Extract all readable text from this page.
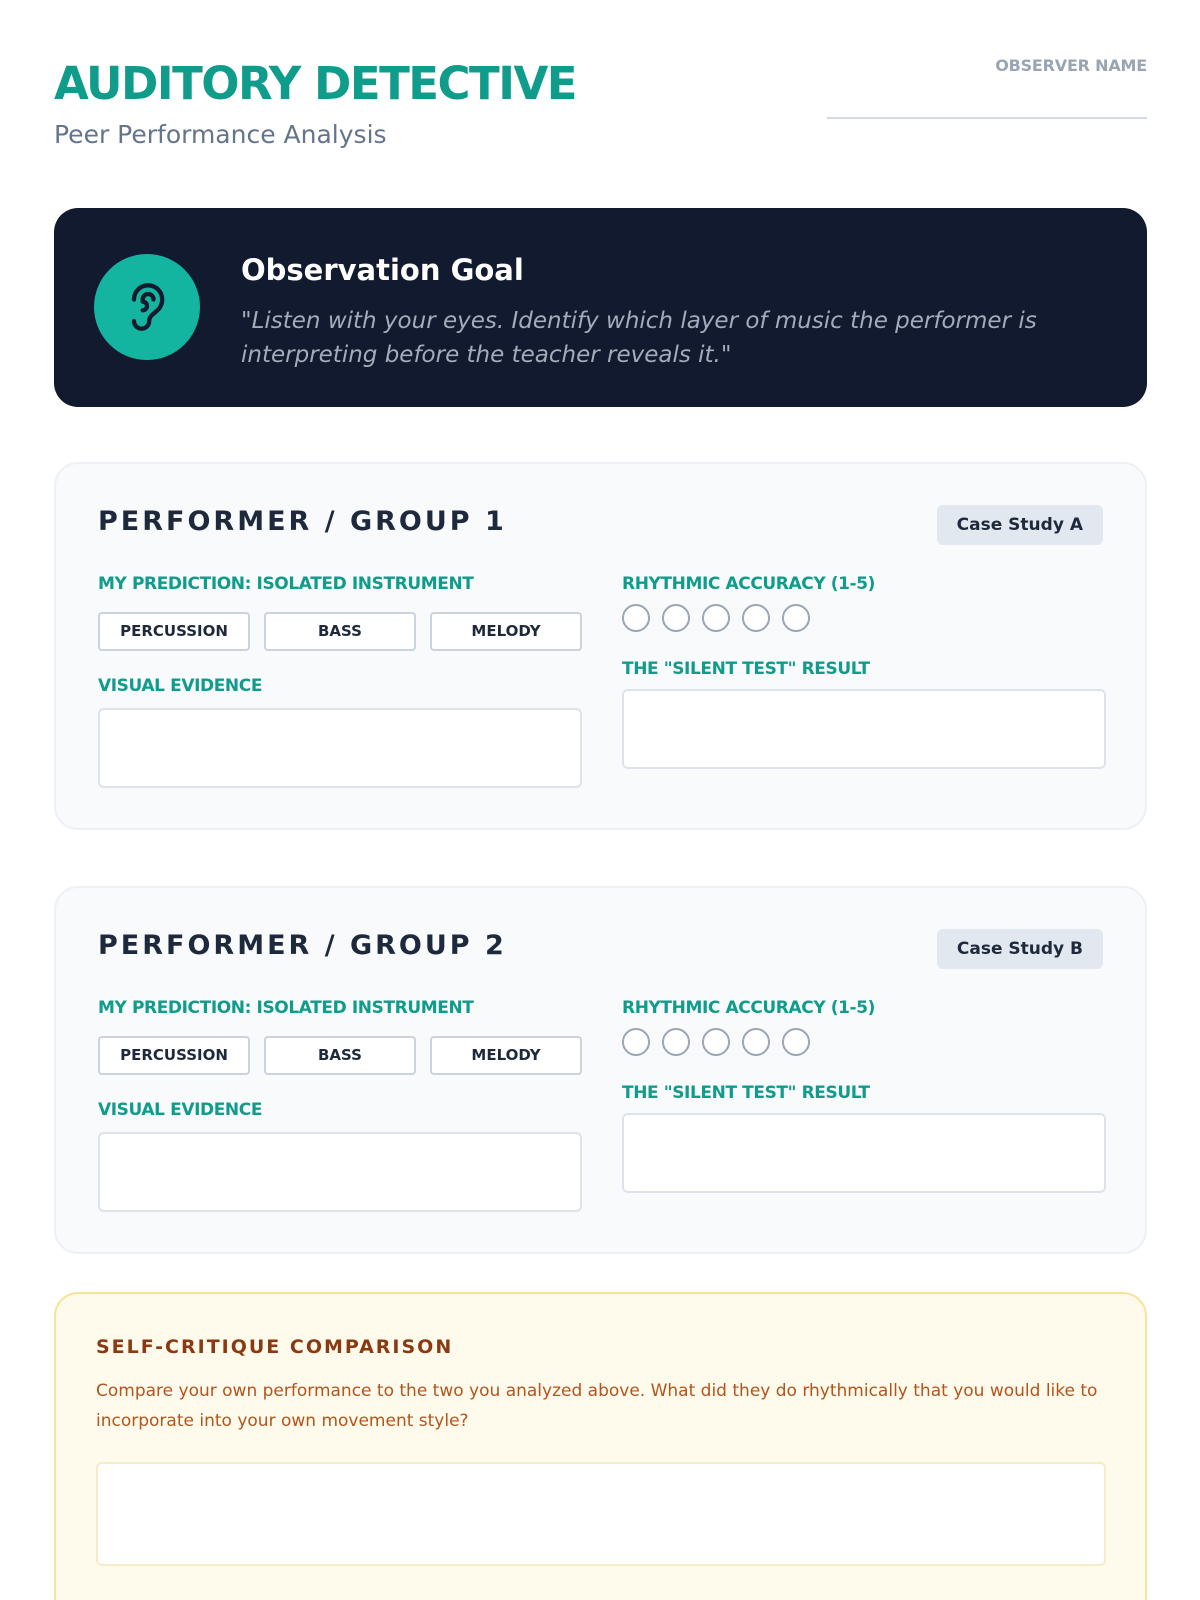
AUDITORY DETECTIVE
Peer Performance Analysis
OBSERVER NAME
Observation Goal
"Listen with your eyes. Identify which layer of music the performer is interpreting before the teacher reveals it."
PERFORMER / GROUP 1	Case Study A
MY PREDICTION: ISOLATED INSTRUMENT
PERCUSSION	BASS	MELODY
VISUAL EVIDENCE
RHYTHMIC ACCURACY (1-5)
THE "SILENT TEST" RESULT
PERFORMER / GROUP 2	Case Study B
MY PREDICTION: ISOLATED INSTRUMENT
PERCUSSION	BASS	MELODY
VISUAL EVIDENCE
RHYTHMIC ACCURACY (1-5)
THE "SILENT TEST" RESULT
SELF-CRITIQUE COMPARISON
Compare your own performance to the two you analyzed above. What did they do rhythmically that you would like to incorporate into your own movement style?
